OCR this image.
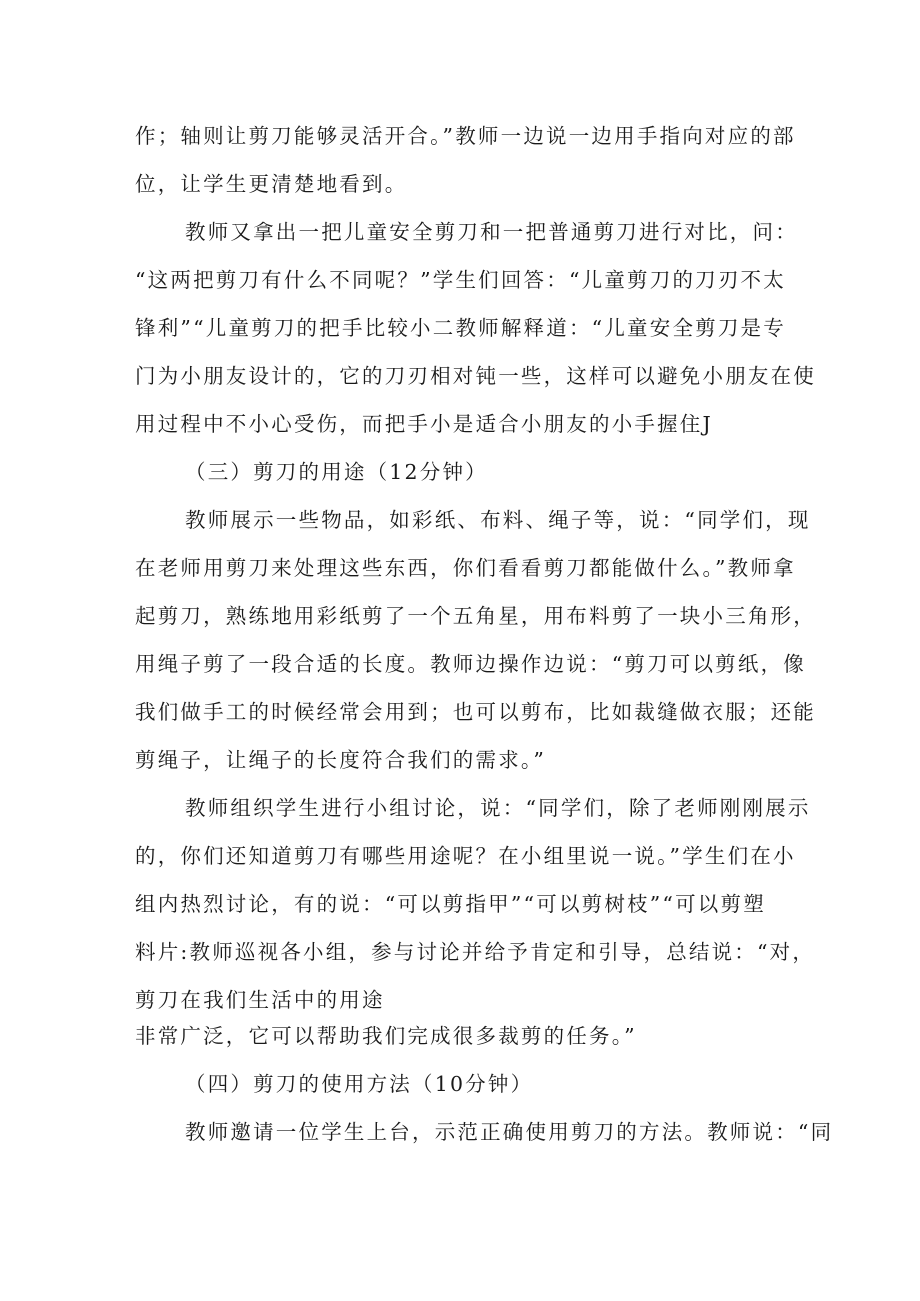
作；轴则让剪刀能够灵活开合。”教师一边说一边用手指向对应的部
位，让学生更清楚地看到。
教师又拿出一把儿童安全剪刀和一把普通剪刀进行对比，问：
“这两把剪刀有什么不同呢？”学生们回答：“儿童剪刀的刀刃不太
锋利”“儿童剪刀的把手比较小二教师解释道：“儿童安全剪刀是专
门为小朋友设计的，它的刀刃相对钝一些，这样可以避免小朋友在使
用过程中不小心受伤，而把手小是适合小朋友的小手握住J
（三）剪刀的用途（12分钟）
教师展示一些物品，如彩纸、布料、绳子等，说：“同学们，现
在老师用剪刀来处理这些东西，你们看看剪刀都能做什么。”教师拿
起剪刀，熟练地用彩纸剪了一个五角星，用布料剪了一块小三角形，
用绳子剪了一段合适的长度。教师边操作边说：“剪刀可以剪纸，像
我们做手工的时候经常会用到；也可以剪布，比如裁缝做衣服；还能
剪绳子，让绳子的长度符合我们的需求。”
教师组织学生进行小组讨论，说：“同学们，除了老师刚刚展示
的，你们还知道剪刀有哪些用途呢？在小组里说一说。”学生们在小
组内热烈讨论，有的说：“可以剪指甲”“可以剪树枝”“可以剪塑
料片:教师巡视各小组，参与讨论并给予肯定和引导，总结说：“对，
剪刀在我们生活中的用途
非常广泛，它可以帮助我们完成很多裁剪的任务。”
（四）剪刀的使用方法（10分钟）
教师邀请一位学生上台，示范正确使用剪刀的方法。教师说：“同
